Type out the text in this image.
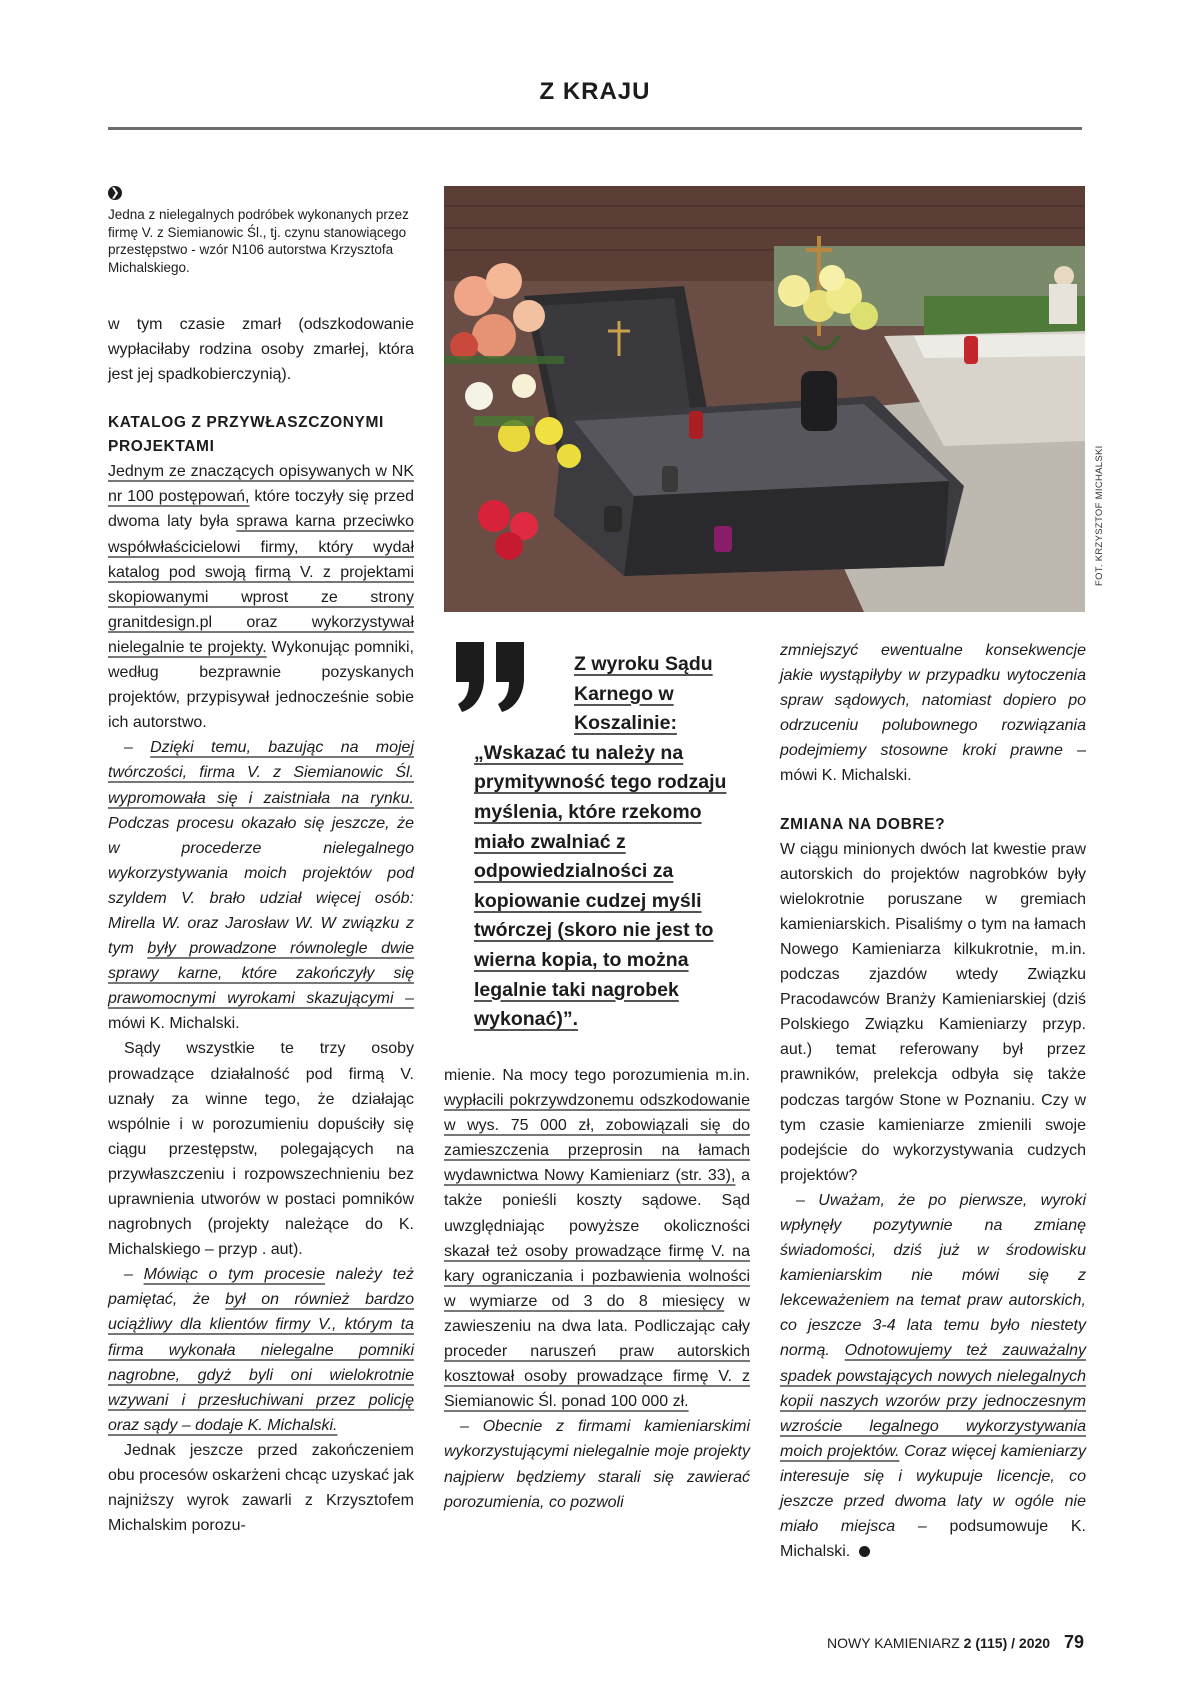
Z KRAJU
❯
Jedna z nielegalnych podróbek wykonanych przez firmę V. z Siemianowic Śl., tj. czynu stanowiącego przestępstwo - wzór N106 autorstwa Krzysztofa Michalskiego.
FOT. KRZYSZTOF MICHALSKI

w tym czasie zmarł (odszkodowanie wypłaciłaby rodzina osoby zmarłej, która jest jej spadkobierczynią).

KATALOG Z PRZYWŁASZCZONYMI PROJEKTAMI

Jednym ze znaczących opisywanych w NK nr 100 postępowań, które toczyły się przed dwoma laty była sprawa karna przeciwko współwłaścicielowi firmy, który wydał katalog pod swoją firmą V. z projektami skopiowanymi wprost ze strony granitdesign.pl oraz wykorzystywał nielegalnie te projekty. Wykonując pomniki, według bezprawnie pozyskanych projektów, przypisywał jednocześnie sobie ich autorstwo.

– Dzięki temu, bazując na mojej twórczości, firma V. z Siemianowic Śl. wypromowała się i zaistniała na rynku. Podczas procesu okazało się jeszcze, że w procederze nielegalnego wykorzystywania moich projektów pod szyldem V. brało udział więcej osób: Mirella W. oraz Jarosław W. W związku z tym były prowadzone równolegle dwie sprawy karne, które zakończyły się prawomocnymi wyrokami skazującymi – mówi K. Michalski.

Sądy wszystkie te trzy osoby prowadzące działalność pod firmą V. uznały za winne tego, że działając wspólnie i w porozumieniu dopuściły się ciągu przestępstw, polegających na przywłaszczeniu i rozpowszechnieniu bez uprawnienia utworów w postaci pomników nagrobnych (projekty należące do K. Michalskiego – przyp . aut).

– Mówiąc o tym procesie należy też pamiętać, że był on również bardzo uciążliwy dla klientów firmy V., którym ta firma wykonała nielegalne pomniki nagrobne, gdyż byli oni wielokrotnie wzywani i przesłuchiwani przez policję oraz sądy – dodaje K. Michalski.

Jednak jeszcze przed zakończeniem obu procesów oskarżeni chcąc uzyskać jak najniższy wyrok zawarli z Krzysztofem Michalskim porozu-

Z wyroku Sądu Karnego w Koszalinie:
„Wskazać tu należy na prymitywność tego rodzaju myślenia, które rzekomo miało zwalniać z odpowiedzialności za kopiowanie cudzej myśli twórczej (skoro nie jest to wierna kopia, to można legalnie taki nagrobek wykonać)”.

mienie. Na mocy tego porozumienia m.in. wypłacili pokrzywdzonemu odszkodowanie w wys. 75 000 zł, zobowiązali się do zamieszczenia przeprosin na łamach wydawnictwa Nowy Kamieniarz (str. 33), a także ponieśli koszty sądowe. Sąd uwzględniając powyższe okoliczności skazał też osoby prowadzące firmę V. na kary ograniczania i pozbawienia wolności w wymiarze od 3 do 8 miesięcy w zawieszeniu na dwa lata. Podliczając cały proceder naruszeń praw autorskich kosztował osoby prowadzące firmę V. z Siemianowic Śl. ponad 100 000 zł.

– Obecnie z firmami kamieniarskimi wykorzystującymi nielegalnie moje projekty najpierw będziemy starali się zawierać porozumienia, co pozwoli

zmniejszyć ewentualne konsekwencje jakie wystąpiłyby w przypadku wytoczenia spraw sądowych, natomiast dopiero po odrzuceniu polubownego rozwiązania podejmiemy stosowne kroki prawne – mówi K. Michalski.

ZMIANA NA DOBRE?

W ciągu minionych dwóch lat kwestie praw autorskich do projektów nagrobków były wielokrotnie poruszane w gremiach kamieniarskich. Pisaliśmy o tym na łamach Nowego Kamieniarza kilkukrotnie, m.in. podczas zjazdów wtedy Związku Pracodawców Branży Kamieniarskiej (dziś Polskiego Związku Kamieniarzy przyp. aut.) temat referowany był przez prawników, prelekcja odbyła się także podczas targów Stone w Poznaniu. Czy w tym czasie kamieniarze zmienili swoje podejście do wykorzystywania cudzych projektów?

– Uważam, że po pierwsze, wyroki wpłynęły pozytywnie na zmianę świadomości, dziś już w środowisku kamieniarskim nie mówi się z lekceważeniem na temat praw autorskich, co jeszcze 3-4 lata temu było niestety normą. Odnotowujemy też zauważalny spadek powstających nowych nielegalnych kopii naszych wzorów przy jednoczesnym wzroście legalnego wykorzystywania moich projektów. Coraz więcej kamieniarzy interesuje się i wykupuje licencje, co jeszcze przed dwoma laty w ogóle nie miało miejsca – podsumowuje K. Michalski.

NOWY KAMIENIARZ 2 (115) / 2020 79
